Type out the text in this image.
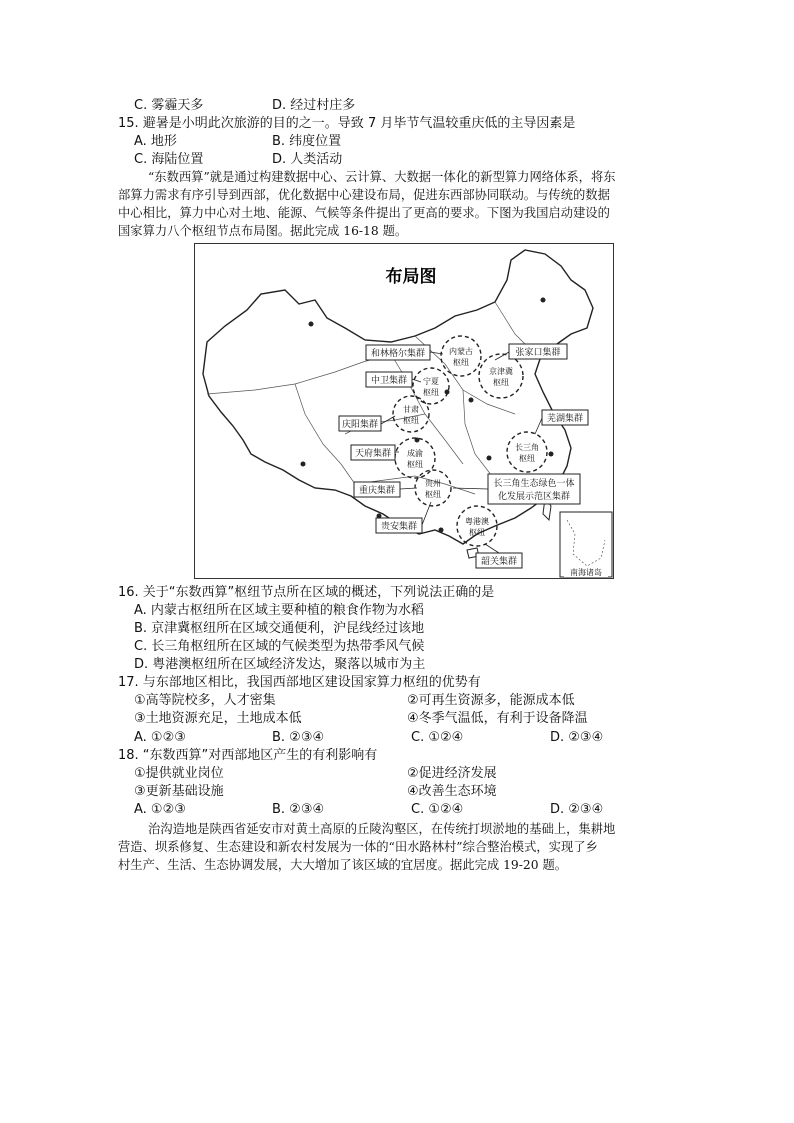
C. 雾霾天多	D. 经过村庄多
15. 避暑是小明此次旅游的目的之一。导致 7 月毕节气温较重庆低的主导因素是
A. 地形	B. 纬度位置
C. 海陆位置	D. 人类活动
“东数西算”就是通过构建数据中心、云计算、大数据一体化的新型算力网络体系，将东
部算力需求有序引导到西部，优化数据中心建设布局，促进东西部协同联动。与传统的数据
中心相比，算力中心对土地、能源、气候等条件提出了更高的要求。下图为我国启动建设的
国家算力八个枢纽节点布局图。据此完成 16-18 题。
南海诸岛
布局图
内蒙古
枢纽
京津冀
枢纽
宁夏
枢纽
甘肃
枢纽
长三角
枢纽
成渝
枢纽
贵州
枢纽
粤港澳
枢纽
和林格尔集群	张家口集群
中卫集群
庆阳集群
芜湖集群
天府集群
重庆集群
长三角生态绿色一体
化发展示范区集群
贵安集群
韶关集群
16. 关于“东数西算”枢纽节点所在区域的概述，下列说法正确的是
A. 内蒙古枢纽所在区域主要种植的粮食作物为水稻
B. 京津冀枢纽所在区域交通便利，沪昆线经过该地
C. 长三角枢纽所在区域的气候类型为热带季风气候
D. 粤港澳枢纽所在区域经济发达，聚落以城市为主
17. 与东部地区相比，我国西部地区建设国家算力枢纽的优势有
①高等院校多，人才密集	②可再生资源多，能源成本低
③土地资源充足，土地成本低	④冬季气温低，有利于设备降温
A. ①②③	B. ②③④	C. ①②④	D. ②③④
18. “东数西算”对西部地区产生的有利影响有
①提供就业岗位	②促进经济发展
③更新基础设施	④改善生态环境
A. ①②③	B. ②③④	C. ①②④	D. ②③④
治沟造地是陕西省延安市对黄土高原的丘陵沟壑区，在传统打坝淤地的基础上，集耕地
营造、坝系修复、生态建设和新农村发展为一体的“田水路林村”综合整治模式，实现了乡
村生产、生活、生态协调发展，大大增加了该区域的宜居度。据此完成 19-20 题。
